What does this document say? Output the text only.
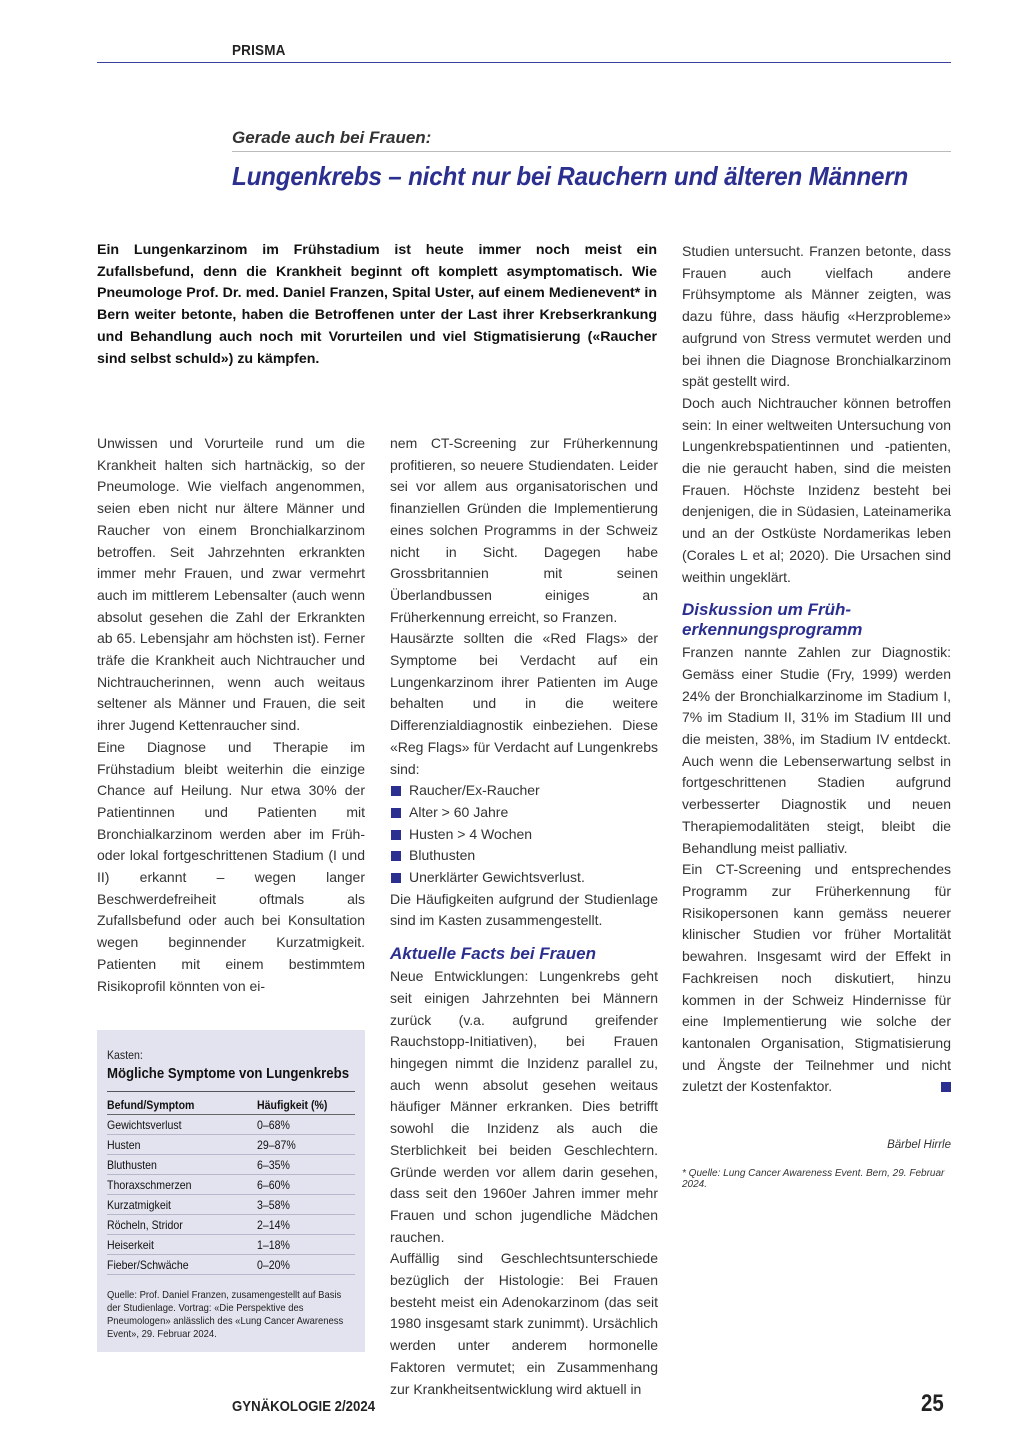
PRISMA
Gerade auch bei Frauen:
Lungenkrebs – nicht nur bei Rauchern und älteren Männern
Ein Lungenkarzinom im Frühstadium ist heute immer noch meist ein Zufallsbefund, denn die Krankheit beginnt oft komplett asymptomatisch. Wie Pneumologe Prof. Dr. med. Daniel Franzen, Spital Uster, auf einem Medienevent* in Bern weiter betonte, haben die Betroffenen unter der Last ihrer Krebserkrankung und Behandlung auch noch mit Vorurteilen und viel Stigmatisierung («Raucher sind selbst schuld») zu kämpfen.

Unwissen und Vorurteile rund um die Krankheit halten sich hartnäckig, so der Pneumologe. Wie vielfach angenommen, seien eben nicht nur ältere Männer und Raucher von einem Bronchialkarzinom betroffen. Seit Jahrzehnten erkrankten immer mehr Frauen, und zwar vermehrt auch im mittlerem Lebensalter (auch wenn absolut gesehen die Zahl der Erkrankten ab 65. Lebensjahr am höchsten ist). Ferner träfe die Krankheit auch Nichtraucher und Nichtraucherinnen, wenn auch weitaus seltener als Männer und Frauen, die seit ihrer Jugend Kettenraucher sind.

Eine Diagnose und Therapie im Frühstadium bleibt weiterhin die einzige Chance auf Heilung. Nur etwa 30% der Patientinnen und Patienten mit Bronchialkarzinom werden aber im Früh- oder lokal fortgeschrittenen Stadium (I und II) erkannt – wegen langer Beschwerdefreiheit oftmals als Zufallsbefund oder auch bei Konsultation wegen beginnender Kurzatmigkeit. Patienten mit einem bestimmtem Risikoprofil könnten von ei-

nem CT-Screening zur Früherkennung profitieren, so neuere Studiendaten. Leider sei vor allem aus organisatorischen und finanziellen Gründen die Implementierung eines solchen Programms in der Schweiz nicht in Sicht. Dagegen habe Grossbritannien mit seinen Überlandbussen einiges an Früherkennung erreicht, so Franzen.

Hausärzte sollten die «Red Flags» der Symptome bei Verdacht auf ein Lungenkarzinom ihrer Patienten im Auge behalten und in die weitere Differenzialdiagnostik einbeziehen. Diese «Reg Flags» für Verdacht auf Lungenkrebs sind:

Raucher/Ex-Raucher
Alter > 60 Jahre
Husten > 4 Wochen
Bluthusten
Unerklärter Gewichtsverlust.

Die Häufigkeiten aufgrund der Studienlage sind im Kasten zusammengestellt.

Aktuelle Facts bei Frauen

Neue Entwicklungen: Lungenkrebs geht seit einigen Jahrzehnten bei Männern zurück (v.a. aufgrund greifender Rauchstopp-Initiativen), bei Frauen hingegen nimmt die Inzidenz parallel zu, auch wenn absolut gesehen weitaus häufiger Männer erkranken. Dies betrifft sowohl die Inzidenz als auch die Sterblichkeit bei beiden Geschlechtern. Gründe werden vor allem darin gesehen, dass seit den 1960er Jahren immer mehr Frauen und schon jugendliche Mädchen rauchen.

Auffällig sind Geschlechtsunterschiede bezüglich der Histologie: Bei Frauen besteht meist ein Adenokarzinom (das seit 1980 insgesamt stark zunimmt). Ursächlich werden unter anderem hormonelle Faktoren vermutet; ein Zusammenhang zur Krankheitsentwicklung wird aktuell in

Studien untersucht. Franzen betonte, dass Frauen auch vielfach andere Frühsymptome als Männer zeigten, was dazu führe, dass häufig «Herzprobleme» aufgrund von Stress vermutet werden und bei ihnen die Diagnose Bronchialkarzinom spät gestellt wird.

Doch auch Nichtraucher können betroffen sein: In einer weltweiten Untersuchung von Lungenkrebspatientinnen und -patienten, die nie geraucht haben, sind die meisten Frauen. Höchste Inzidenz besteht bei denjenigen, die in Südasien, Lateinamerika und an der Ostküste Nordamerikas leben (Corales L et al; 2020). Die Ursachen sind weithin ungeklärt.

Diskussion um Früherkennungsprogramm

Franzen nannte Zahlen zur Diagnostik: Gemäss einer Studie (Fry, 1999) werden 24% der Bronchialkarzinome im Stadium I, 7% im Stadium II, 31% im Stadium III und die meisten, 38%, im Stadium IV entdeckt. Auch wenn die Lebenserwartung selbst in fortgeschrittenen Stadien aufgrund verbesserter Diagnostik und neuen Therapiemodalitäten steigt, bleibt die Behandlung meist palliativ.

Ein CT-Screening und entsprechendes Programm zur Früherkennung für Risikopersonen kann gemäss neuerer klinischer Studien vor früher Mortalität bewahren. Insgesamt wird der Effekt in Fachkreisen noch diskutiert, hinzu kommen in der Schweiz Hindernisse für eine Implementierung wie solche der kantonalen Organisation, Stigmatisierung und Ängste der Teilnehmer und nicht zuletzt der Kostenfaktor.

Bärbel Hirrle
* Quelle: Lung Cancer Awareness Event. Bern, 29. Februar 2024.
Kasten:
Mögliche Symptome von Lungenkrebs
Befund/Symptom	Häufigkeit (%)
Gewichtsverlust	0–68%
Husten	29–87%
Bluthusten	6–35%
Thoraxschmerzen	6–60%
Kurzatmigkeit	3–58%
Röcheln, Stridor	2–14%
Heiserkeit	1–18%
Fieber/Schwäche	0–20%
Quelle: Prof. Daniel Franzen, zusamengestellt auf Basis der Studienlage. Vortrag: «Die Perspektive des Pneumologen» anlässlich des «Lung Cancer Awareness Event», 29. Februar 2024.
GYNÄKOLOGIE 2/2024	25
